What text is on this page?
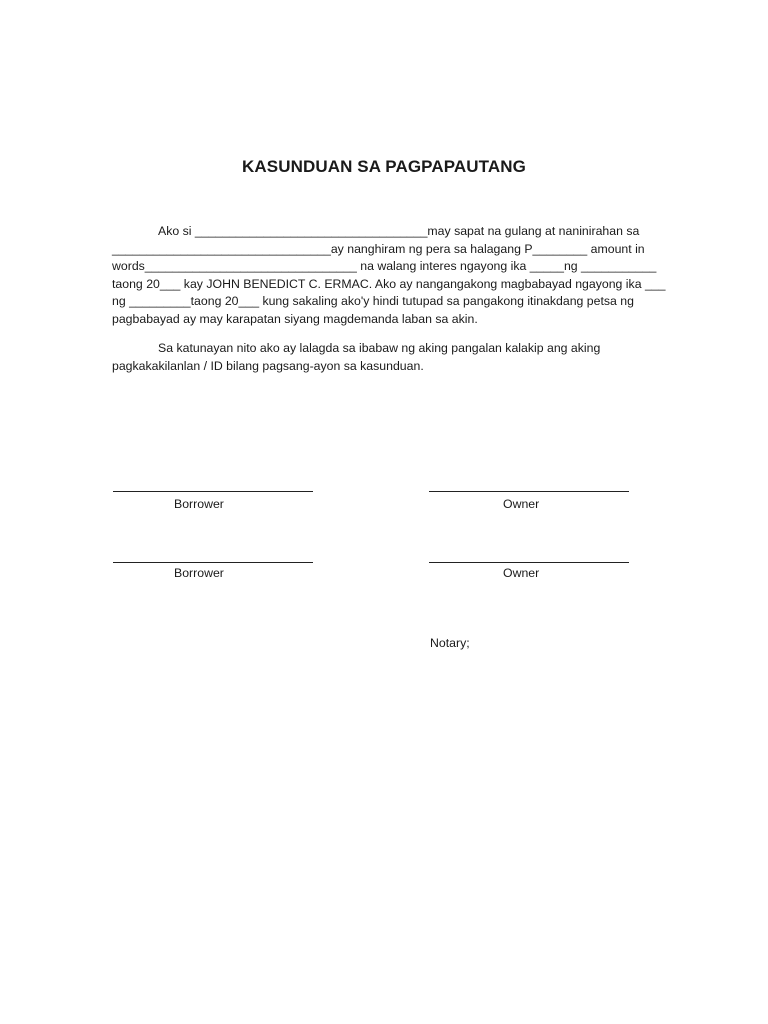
KASUNDUAN SA PAGPAPAUTANG
Ako si __________________________________may sapat na gulang at naninirahan sa
________________________________ay nanghiram ng pera sa halagang P________ amount in
words_______________________________ na walang interes ngayong ika _____ng ___________
taong 20___ kay JOHN BENEDICT C. ERMAC. Ako ay nangangakong magbabayad ngayong ika ___
ng _________taong 20___ kung sakaling ako'y hindi tutupad sa pangakong itinakdang petsa ng
pagbabayad ay may karapatan siyang magdemanda laban sa akin.
Sa katunayan nito ako ay lalagda sa ibabaw ng aking pangalan kalakip ang aking
pagkakakilanlan / ID bilang pagsang-ayon sa kasunduan.
Borrower	Owner
Borrower	Owner
Notary;
